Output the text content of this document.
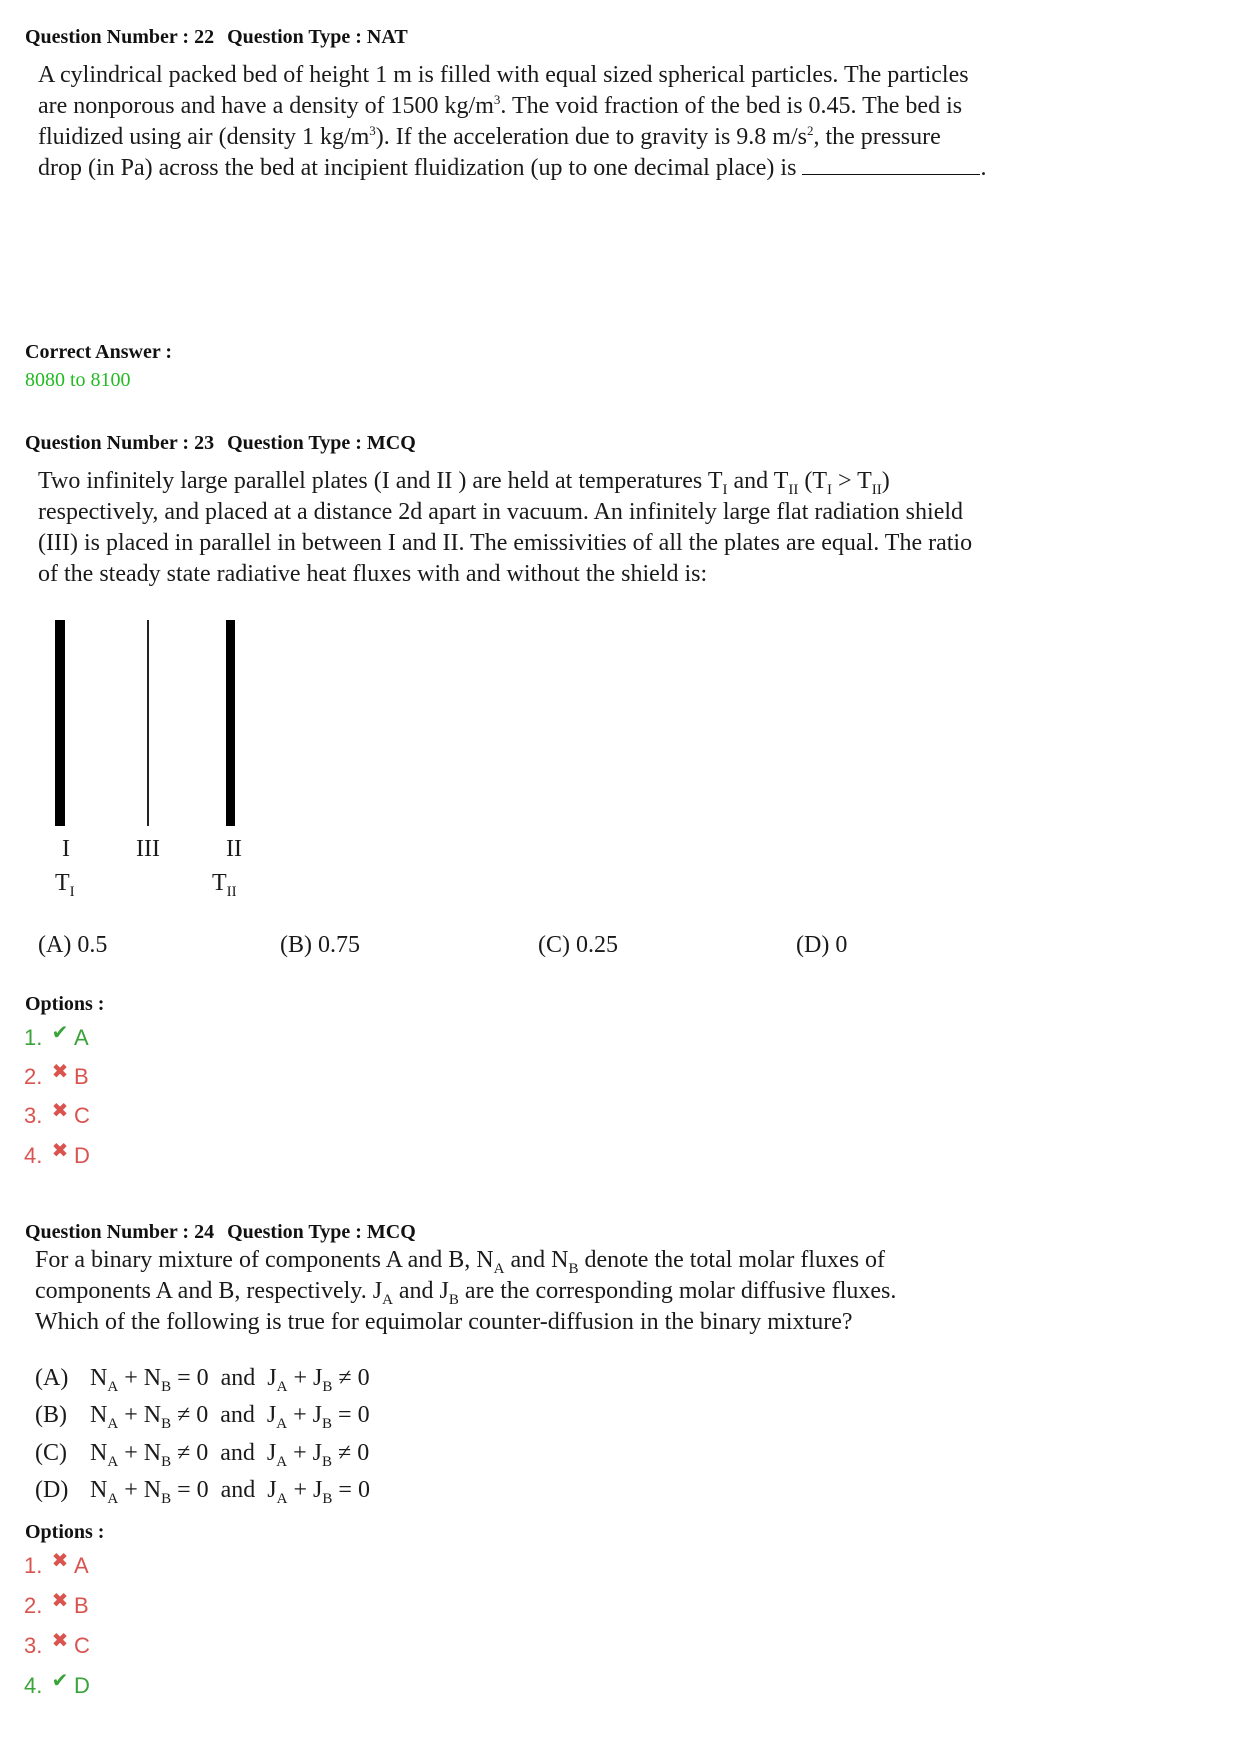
Question Number : 22 Question Type : NAT
A cylindrical packed bed of height 1 m is filled with equal sized spherical particles. The particles
are nonporous and have a density of 1500 $kg/m^3$. The void fraction of the bed is 0.45. The bed is
fluidized using air (density 1 $kg/m^3$). If the acceleration due to gravity is 9.8 $m/s^2$, the pressure
drop (in Pa) across the bed at incipient fluidization (up to one decimal place) is	.
Correct Answer :
8080 to 8100
Question Number : 23 Question Type : MCQ
Two infinitely large parallel plates (I and II ) are held at temperatures $T_I$ and $T_{II}$ $(T_I > T_{II})$
respectively, and placed at a distance 2d apart in vacuum. An infinitely large flat radiation shield
(III) is placed in parallel in between I and II. The emissivities of all the plates are equal. The ratio
of the steady state radiative heat fluxes with and without the shield is:
I	III	II
$T_I$	$T_{II}$
(A) 0.5	(B) 0.75	(C) 0.25	(D) 0
Options :
1. ✔ A
2. ✖ B
3. ✖ C
4. ✖ D
Question Number : 24 Question Type : MCQ
For a binary mixture of components A and B, $N_A$ and $N_B$ denote the total molar fluxes of
components A and B, respectively. $J_A$ and $J_B$ are the corresponding molar diffusive fluxes.
Which of the following is true for equimolar counter-diffusion in the binary mixture?
(A) $N_A + N_B = 0$ and $J_A + J_B \ne 0$
(B) $N_A + N_B \ne 0$ and $J_A + J_B = 0$
(C) $N_A + N_B \ne 0$ and $J_A + J_B \ne 0$
(D) $N_A + N_B = 0$ and $J_A + J_B = 0$
Options :
1. ✖ A
2. ✖ B
3. ✖ C
4. ✔ D
